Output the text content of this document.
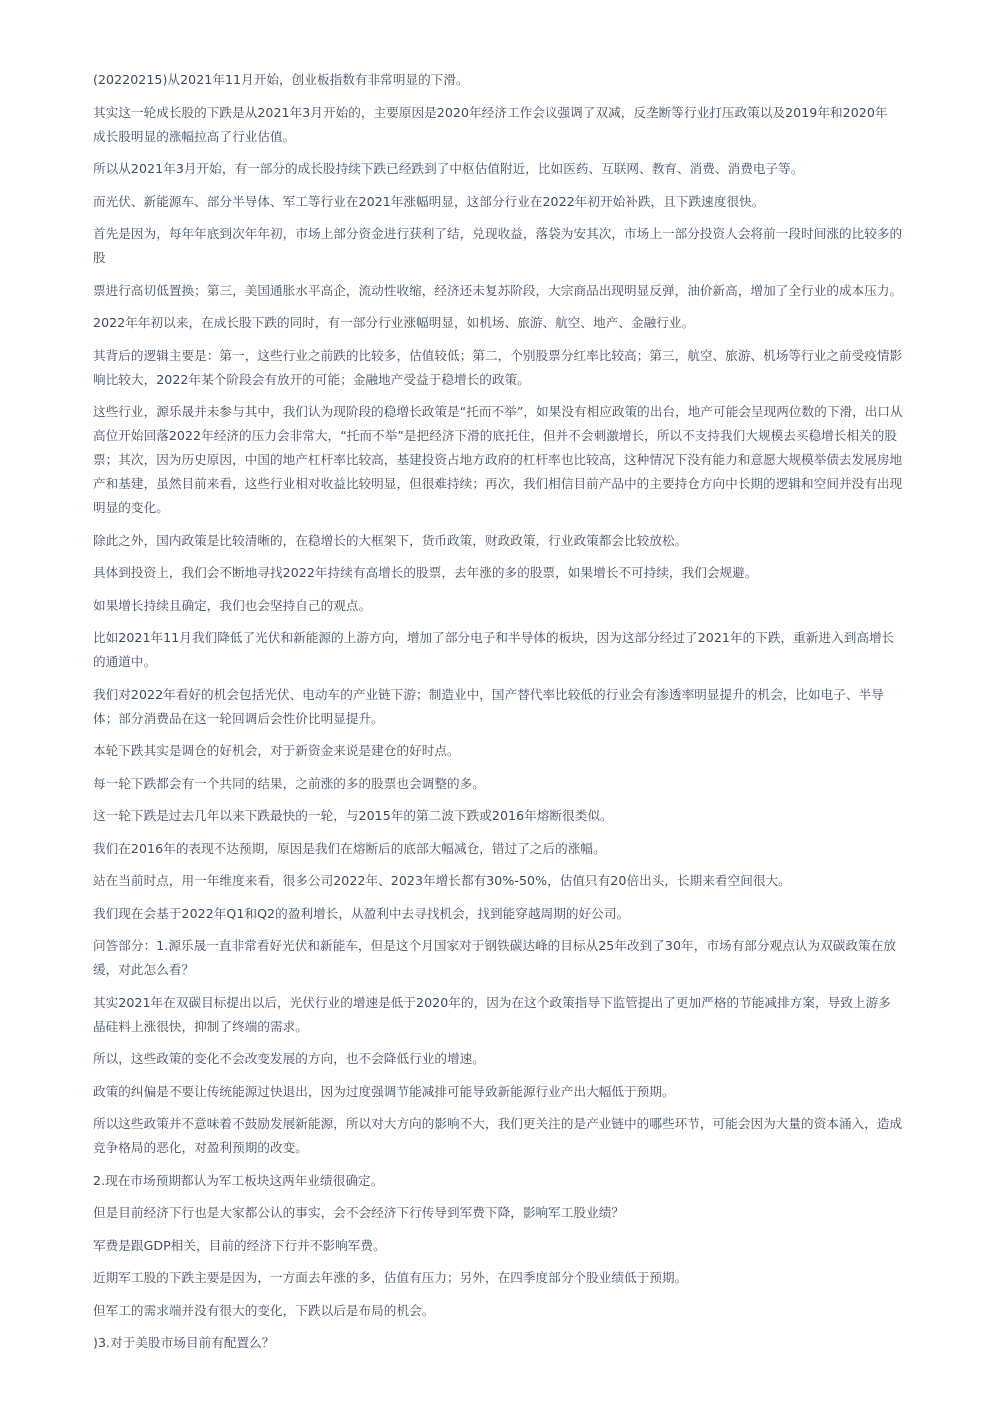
(20220215)从2021年11月开始，创业板指数有非常明显的下滑。

其实这一轮成长股的下跌是从2021年3月开始的，主要原因是2020年经济工作会议强调了双减，反垄断等行业打压政策以及2019年和2020年
成长股明显的涨幅拉高了行业估值。

所以从2021年3月开始，有一部分的成长股持续下跌已经跌到了中枢估值附近，比如医药、互联网、教育、消费、消费电子等。

而光伏、新能源车、部分半导体、军工等行业在2021年涨幅明显，这部分行业在2022年初开始补跌，且下跌速度很快。

首先是因为，每年年底到次年年初，市场上部分资金进行获利了结，兑现收益，落袋为安其次，市场上一部分投资人会将前一段时间涨的比较多的
股

票进行高切低置换；第三，美国通胀水平高企，流动性收缩，经济还未复苏阶段，大宗商品出现明显反弹，油价新高，增加了全行业的成本压力。

2022年年初以来，在成长股下跌的同时，有一部分行业涨幅明显，如机场、旅游、航空、地产、金融行业。

其背后的逻辑主要是：第一，这些行业之前跌的比较多，估值较低；第二，个别股票分红率比较高；第三，航空、旅游、机场等行业之前受疫情影
响比较大，2022年某个阶段会有放开的可能；金融地产受益于稳增长的政策。

这些行业，源乐晟并未参与其中，我们认为现阶段的稳增长政策是“托而不举”，如果没有相应政策的出台，地产可能会呈现两位数的下滑，出口从
高位开始回落2022年经济的压力会非常大，“托而不举”是把经济下滑的底托住，但并不会刺激增长，所以不支持我们大规模去买稳增长相关的股
票；其次，因为历史原因，中国的地产杠杆率比较高，基建投资占地方政府的杠杆率也比较高，这种情况下没有能力和意愿大规模举债去发展房地
产和基建，虽然目前来看，这些行业相对收益比较明显，但很难持续；再次，我们相信目前产品中的主要持仓方向中长期的逻辑和空间并没有出现
明显的变化。

除此之外，国内政策是比较清晰的，在稳增长的大框架下，货币政策，财政政策，行业政策都会比较放松。

具体到投资上，我们会不断地寻找2022年持续有高增长的股票，去年涨的多的股票，如果增长不可持续，我们会规避。

如果增长持续且确定，我们也会坚持自己的观点。

比如2021年11月我们降低了光伏和新能源的上游方向，增加了部分电子和半导体的板块，因为这部分经过了2021年的下跌，重新进入到高增长
的通道中。

我们对2022年看好的机会包括光伏、电动车的产业链下游；制造业中，国产替代率比较低的行业会有渗透率明显提升的机会，比如电子、半导
体；部分消费品在这一轮回调后会性价比明显提升。

本轮下跌其实是调仓的好机会，对于新资金来说是建仓的好时点。

每一轮下跌都会有一个共同的结果，之前涨的多的股票也会调整的多。

这一轮下跌是过去几年以来下跌最快的一轮，与2015年的第二波下跌或2016年熔断很类似。

我们在2016年的表现不达预期，原因是我们在熔断后的底部大幅减仓，错过了之后的涨幅。

站在当前时点，用一年维度来看，很多公司2022年、2023年增长都有30%-50%，估值只有20倍出头，长期来看空间很大。

我们现在会基于2022年Q1和Q2的盈利增长，从盈利中去寻找机会，找到能穿越周期的好公司。

问答部分：1.源乐晟一直非常看好光伏和新能车，但是这个月国家对于钢铁碳达峰的目标从25年改到了30年，市场有部分观点认为双碳政策在放
缓，对此怎么看？

其实2021年在双碳目标提出以后，光伏行业的增速是低于2020年的，因为在这个政策指导下监管提出了更加严格的节能减排方案，导致上游多
晶硅料上涨很快，抑制了终端的需求。

所以，这些政策的变化不会改变发展的方向，也不会降低行业的增速。

政策的纠偏是不要让传统能源过快退出，因为过度强调节能减排可能导致新能源行业产出大幅低于预期。

所以这些政策并不意味着不鼓励发展新能源，所以对大方向的影响不大，我们更关注的是产业链中的哪些环节，可能会因为大量的资本涌入，造成
竞争格局的恶化，对盈利预期的改变。

2.现在市场预期都认为军工板块这两年业绩很确定。

但是目前经济下行也是大家都公认的事实，会不会经济下行传导到军费下降，影响军工股业绩？

军费是跟GDP相关，目前的经济下行并不影响军费。

近期军工股的下跌主要是因为，一方面去年涨的多，估值有压力；另外，在四季度部分个股业绩低于预期。

但军工的需求端并没有很大的变化，下跌以后是布局的机会。

)3.对于美股市场目前有配置么？
